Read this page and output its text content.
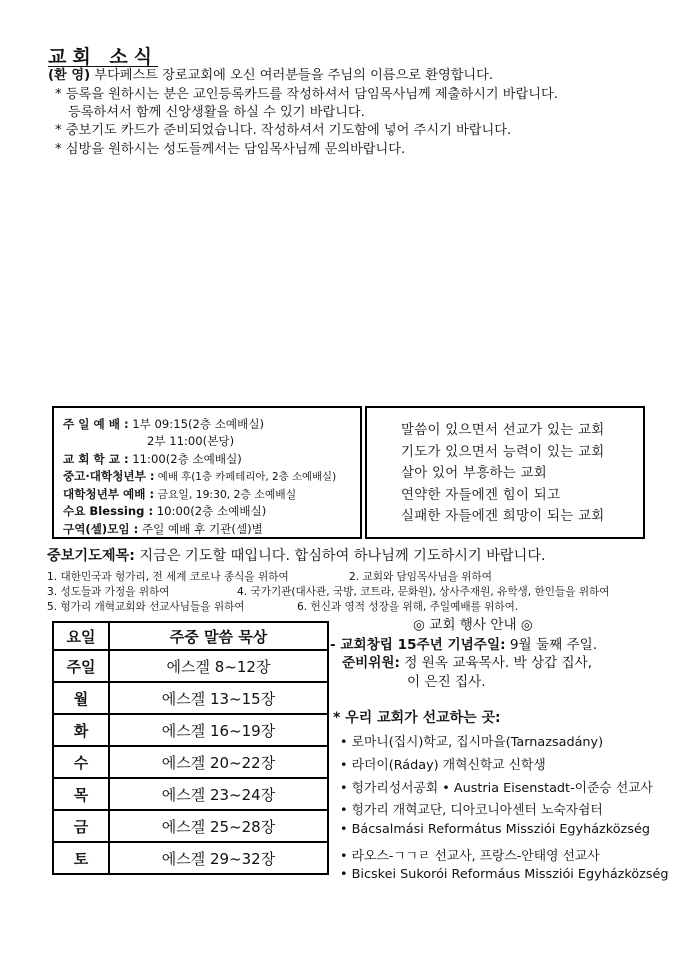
교회 소식
(환 영) 부다페스트 장로교회에 오신 여러분들을 주님의 이름으로 환영합니다.
* 등록을 원하시는 분은 교인등록카드를 작성하셔서 담임목사님께 제출하시기 바랍니다.
등록하셔서 함께 신앙생활을 하실 수 있기 바랍니다.
* 중보기도 카드가 준비되었습니다. 작성하셔서 기도함에 넣어 주시기 바랍니다.
* 심방을 원하시는 성도들께서는 담임목사님께 문의바랍니다.
주 일 예 배 : 1부 09:15(2층 소예배실)
2부 11:00(본당)
교 회 학 교 : 11:00(2층 소예배실)
중고·대학청년부 : 예배 후(1층 카페테리아, 2층 소예배실)
대학청년부 예배 : 금요일, 19:30, 2층 소예배실
수요 Blessing : 10:00(2층 소예배실)
구역(셀)모임 : 주일 예배 후 기관(셀)별
말씀이 있으면서 선교가 있는 교회
기도가 있으면서 능력이 있는 교회
살아 있어 부흥하는 교회
연약한 자들에겐 힘이 되고
실패한 자들에겐 희망이 되는 교회
중보기도제목: 지금은 기도할 때입니다. 합심하여 하나님께 기도하시기 바랍니다.
1. 대한민국과 헝가리, 전 세계 코로나 종식을 위하여	2. 교회와 담임목사님을 위하여
3. 성도들과 가정을 위하여	4. 국가기관(대사관, 국방, 코트라, 문화원), 상사주재원, 유학생, 한인들을 위하여
5. 헝가리 개혁교회와 선교사님들을 위하여	6. 헌신과 영적 성장을 위해, 주일예배를 위하여.
요일	주중 말씀 묵상
주일	에스겔 8~12장
월	에스겔 13~15장
화	에스겔 16~19장
수	에스겔 20~22장
목	에스겔 23~24장
금	에스겔 25~28장
토	에스겔 29~32장
◎ 교회 행사 안내 ◎
- 교회창립 15주년 기념주일: 9월 둘째 주일.
준비위원: 정 원옥 교육목사. 박 상갑 집사,
이 은진 집사.
* 우리 교회가 선교하는 곳:
• 로마니(집시)학교, 집시마을(Tarnazsadány)
• 라더이(Ráday) 개혁신학교 신학생
• 헝가리성서공회 • Austria Eisenstadt-이준승 선교사
• 헝가리 개혁교단, 디아코니아센터 노숙자쉼터
• Bácsalmási Református Missziói Egyházközség
• 라오스-ㄱㄱㄹ 선교사, 프랑스-안태영 선교사
• Bicskei Sukorói Reformáus Missziói Egyházközség
